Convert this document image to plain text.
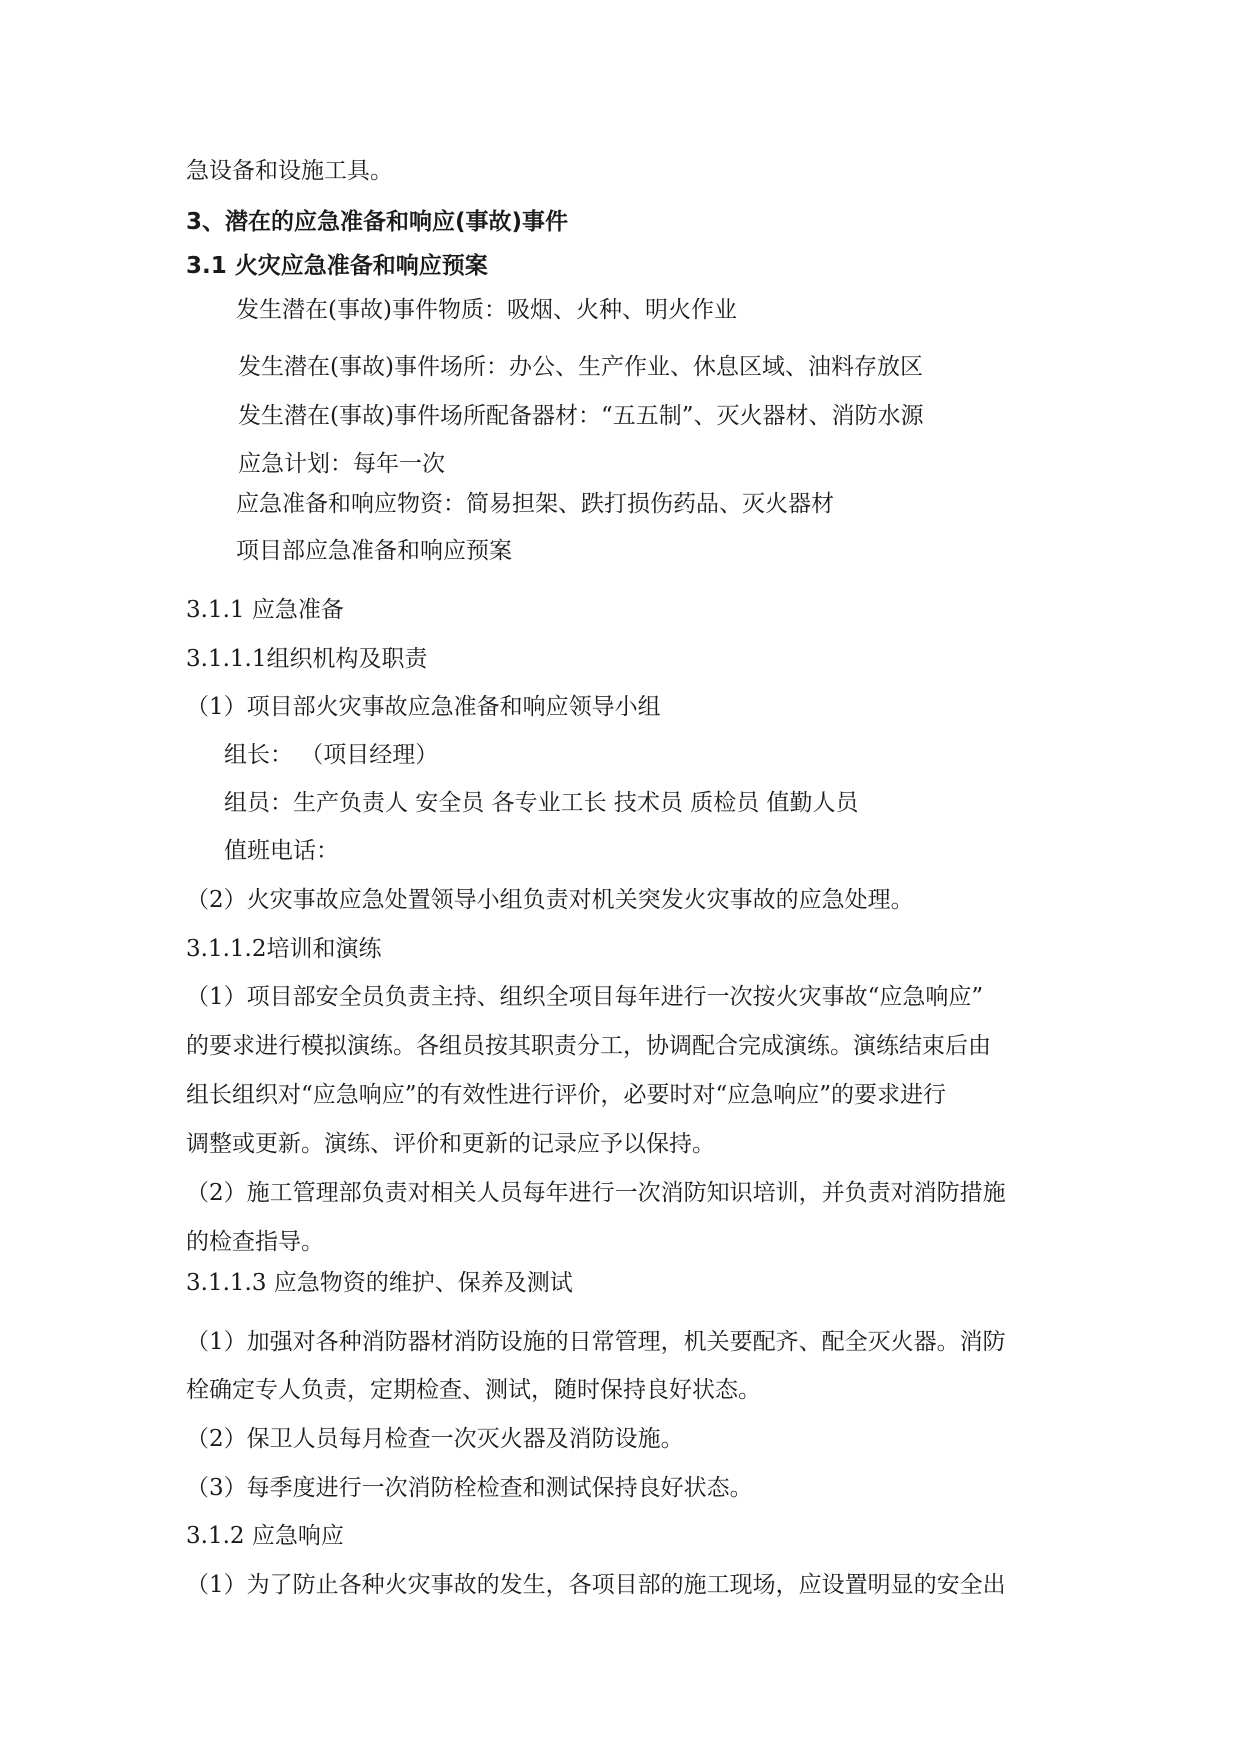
急设备和设施工具。
3、潜在的应急准备和响应(事故)事件
3.1 火灾应急准备和响应预案
发生潜在(事故)事件物质：吸烟、火种、明火作业
发生潜在(事故)事件场所：办公、生产作业、休息区域、油料存放区
发生潜在(事故)事件场所配备器材：“五五制”、灭火器材、消防水源
应急计划：每年一次
应急准备和响应物资：简易担架、跌打损伤药品、灭火器材
项目部应急准备和响应预案
3.1.1 应急准备
3.1.1.1组织机构及职责
（1）项目部火灾事故应急准备和响应领导小组
组长： （项目经理）
组员：生产负责人 安全员 各专业工长 技术员 质检员 值勤人员
值班电话：
（2）火灾事故应急处置领导小组负责对机关突发火灾事故的应急处理。
3.1.1.2培训和演练
（1）项目部安全员负责主持、组织全项目每年进行一次按火灾事故“应急响应”
的要求进行模拟演练。各组员按其职责分工，协调配合完成演练。演练结束后由
组长组织对“应急响应”的有效性进行评价，必要时对“应急响应”的要求进行
调整或更新。演练、评价和更新的记录应予以保持。
（2）施工管理部负责对相关人员每年进行一次消防知识培训，并负责对消防措施
的检查指导。
3.1.1.3 应急物资的维护、保养及测试
（1）加强对各种消防器材消防设施的日常管理，机关要配齐、配全灭火器。消防
栓确定专人负责，定期检查、测试，随时保持良好状态。
（2）保卫人员每月检查一次灭火器及消防设施。
（3）每季度进行一次消防栓检查和测试保持良好状态。
3.1.2 应急响应
（1）为了防止各种火灾事故的发生，各项目部的施工现场，应设置明显的安全出
